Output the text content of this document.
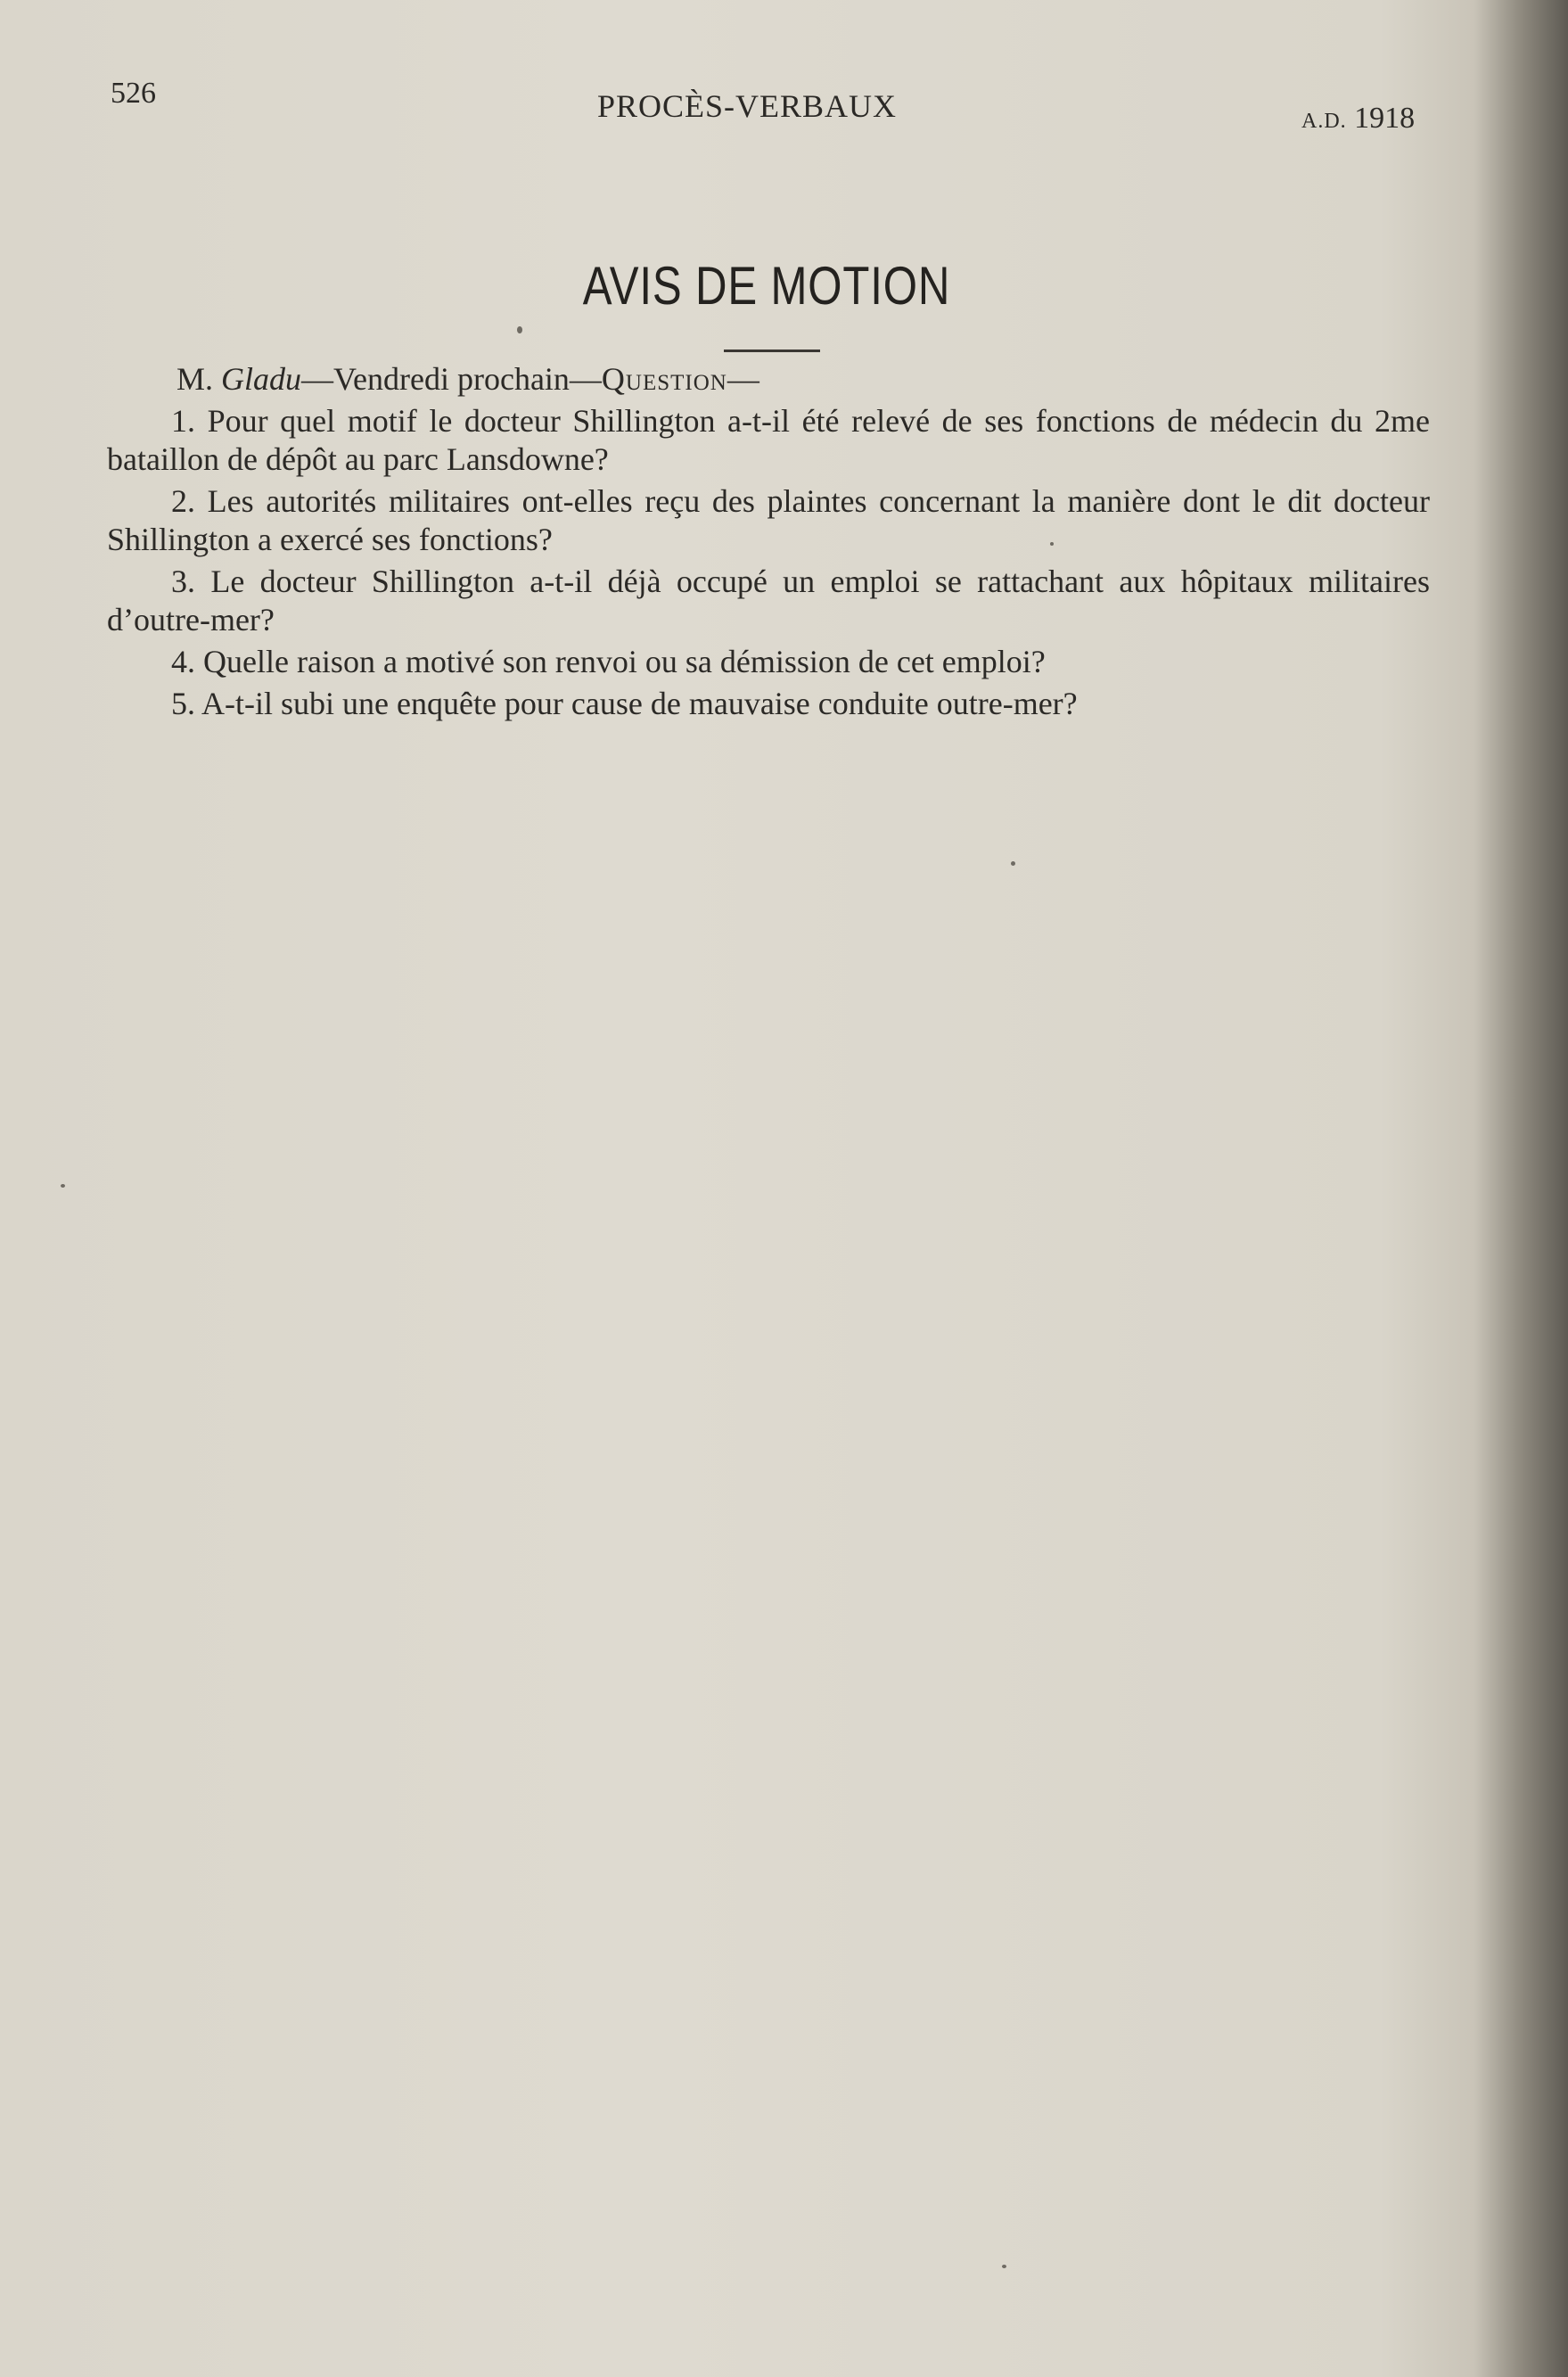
526	PROCÈS-VERBAUX	A.D. 1918
AVIS DE MOTION

M. Gladu—Vendredi prochain—Question—

1. Pour quel motif le docteur Shillington a-t-il été relevé de ses fonctions de médecin du 2me bataillon de dépôt au parc Lansdowne?

2. Les autorités militaires ont-elles reçu des plaintes concernant la manière dont le dit docteur Shillington a exercé ses fonctions?

3. Le docteur Shillington a-t-il déjà occupé un emploi se rattachant aux hôpitaux militaires d’outre-mer?

4. Quelle raison a motivé son renvoi ou sa démission de cet emploi?

5. A-t-il subi une enquête pour cause de mauvaise conduite outre-mer?
